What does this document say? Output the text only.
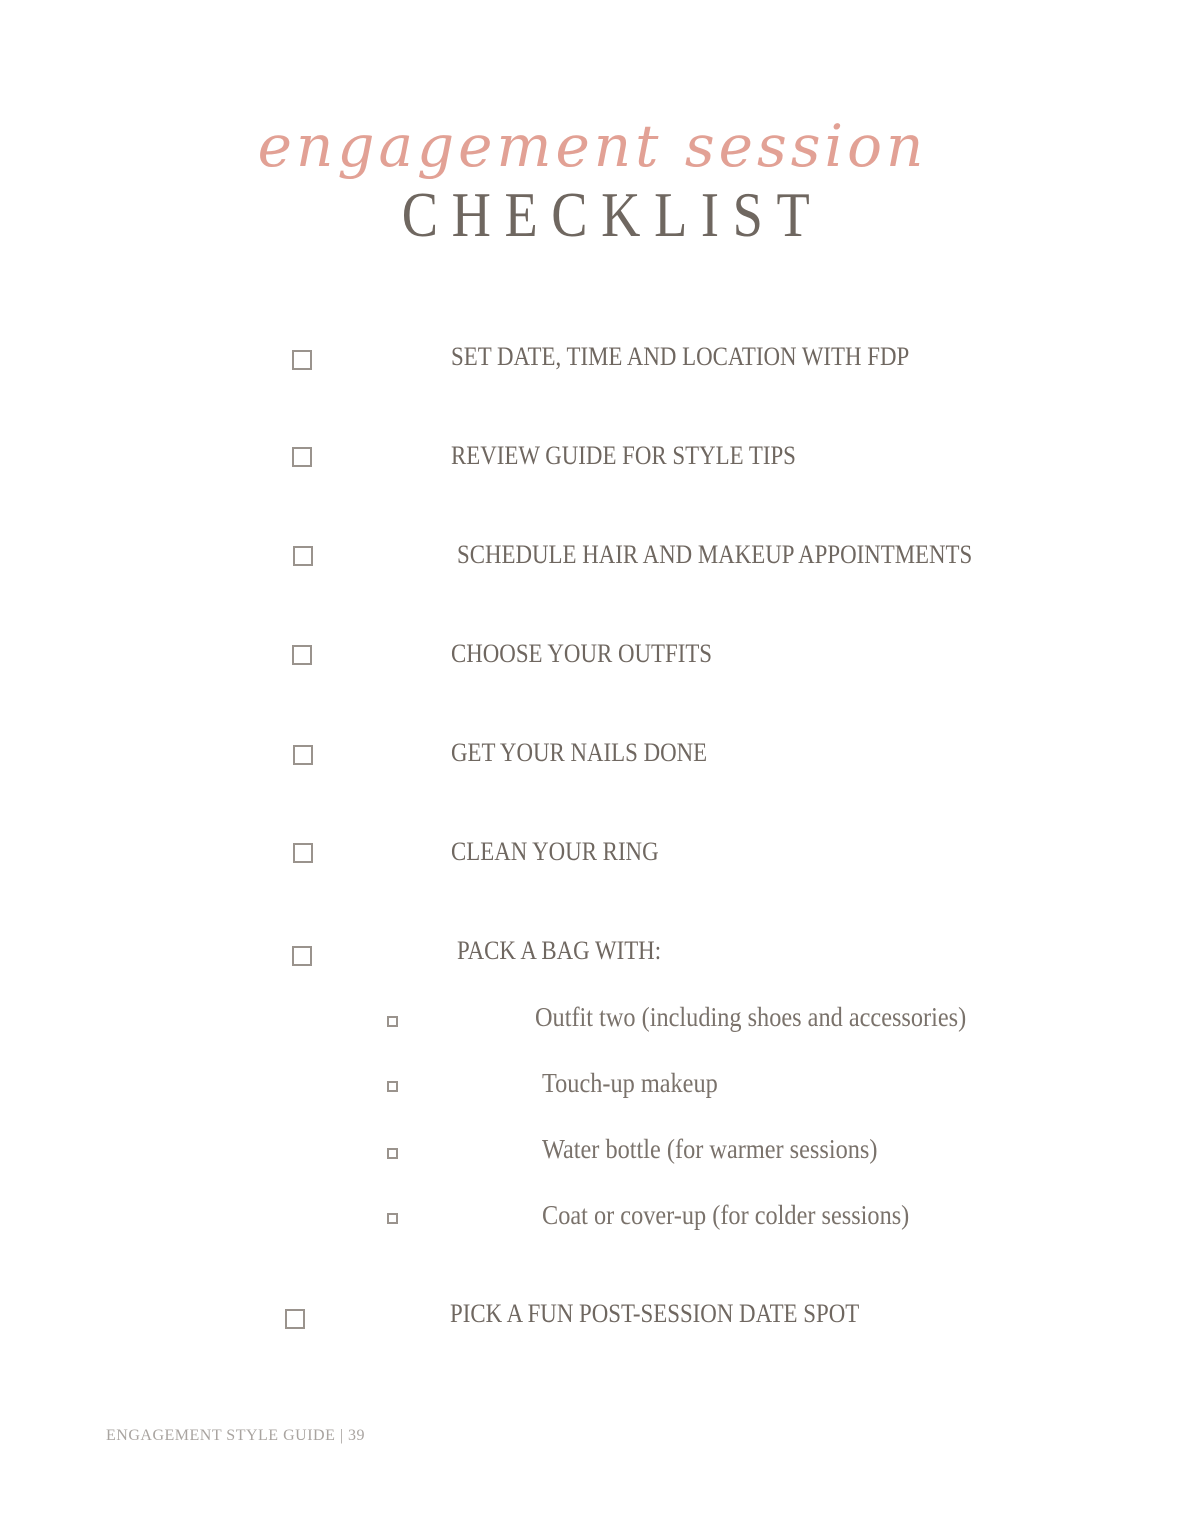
engagement session
CHECKLIST
SET DATE, TIME AND LOCATION WITH FDP
REVIEW GUIDE FOR STYLE TIPS
SCHEDULE HAIR AND MAKEUP APPOINTMENTS
CHOOSE YOUR OUTFITS
GET YOUR NAILS DONE
CLEAN YOUR RING
PACK A BAG WITH:
Outfit two (including shoes and accessories)
Touch-up makeup
Water bottle (for warmer sessions)
Coat or cover-up (for colder sessions)
PICK A FUN POST-SESSION DATE SPOT
ENGAGEMENT STYLE GUIDE | 39
